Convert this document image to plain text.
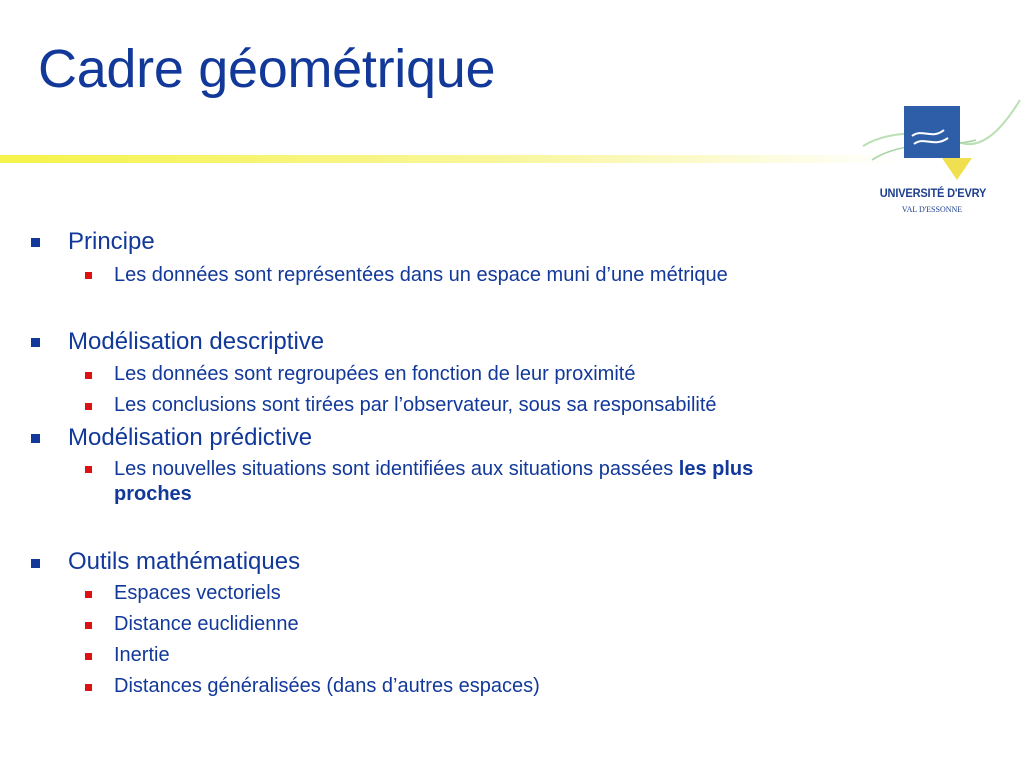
Cadre géométrique
UNIVERSITÉ D'EVRY
VAL D'ESSONNE
Principe
Les données sont représentées dans un espace muni d’une métrique
Modélisation descriptive
Les données sont regroupées en fonction de leur proximité
Les conclusions sont tirées par l’observateur, sous sa responsabilité
Modélisation prédictive
Les nouvelles situations sont identifiées aux situations passées les plus
proches
Outils mathématiques
Espaces vectoriels
Distance euclidienne
Inertie
Distances généralisées (dans d’autres espaces)
